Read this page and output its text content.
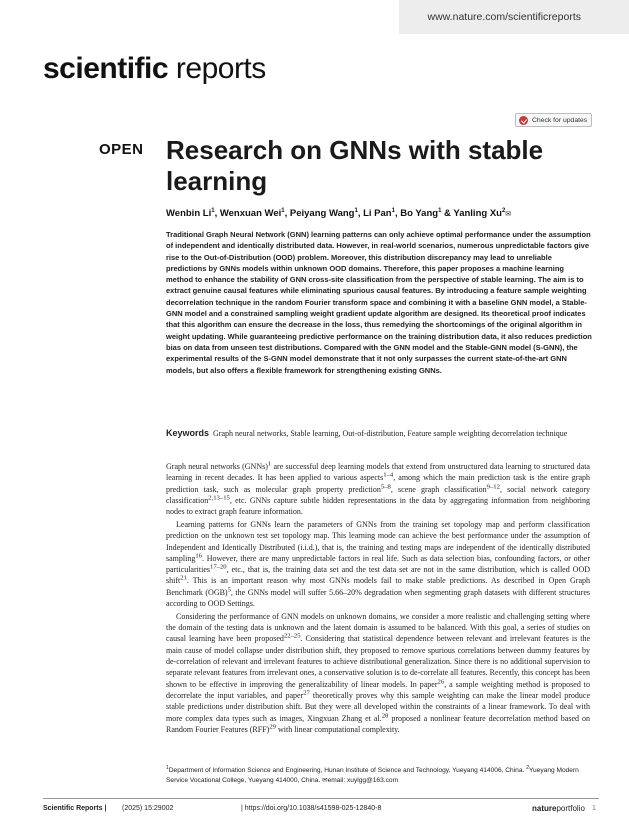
www.nature.com/scientificreports
scientific reports
Check for updates
OPEN Research on GNNs with stable learning
Wenbin Li$^1$, Wenxuan Wei$^1$, Peiyang Wang$^1$, Li Pan$^1$, Bo Yang$^1$ & Yanling Xu$^2$✉

Traditional Graph Neural Network (GNN) learning patterns can only achieve optimal performance under the assumption of independent and identically distributed data. However, in real-world scenarios, numerous unpredictable factors give rise to the Out-of-Distribution (OOD) problem. Moreover, this distribution discrepancy may lead to unreliable predictions by GNNs models within unknown OOD domains. Therefore, this paper proposes a machine learning method to enhance the stability of GNN cross-site classification from the perspective of stable learning. The aim is to extract genuine causal features while eliminating spurious causal features. By introducing a feature sample weighting decorrelation technique in the random Fourier transform space and combining it with a baseline GNN model, a Stable-GNN model and a constrained sampling weight gradient update algorithm are designed. Its theoretical proof indicates that this algorithm can ensure the decrease in the loss, thus remedying the shortcomings of the original algorithm in weight updating. While guaranteeing predictive performance on the training distribution data, it also reduces prediction bias on data from unseen test distributions. Compared with the GNN model and the Stable-GNN model (S-GNN), the experimental results of the S-GNN model demonstrate that it not only surpasses the current state-of-the-art GNN models, but also offers a flexible framework for strengthening existing GNNs.

Keywords Graph neural networks, Stable learning, Out-of-distribution, Feature sample weighting decorrelation technique

Graph neural networks (GNNs)$^1$ are successful deep learning models that extend from unstructured data learning to structured data learning in recent decades. It has been applied to various aspects$^{1-4}$, among which the main prediction task is the entire graph prediction task, such as molecular graph property prediction$^{5-8}$, scene graph classification$^{9-12}$, social network category classification$^{2,13-15}$, etc. GNNs capture subtle hidden representations in the data by aggregating information from neighboring nodes to extract graph feature information.

Learning patterns for GNNs learn the parameters of GNNs from the training set topology map and perform classification prediction on the unknown test set topology map. This learning mode can achieve the best performance under the assumption of Independent and Identically Distributed (i.i.d.), that is, the training and testing maps are independent of the identically distributed sampling$^{16}$. However, there are many unpredictable factors in real life. Such as data selection bias, confounding factors, or other particularities$^{17-20}$, etc., that is, the training data set and the test data set are not in the same distribution, which is called OOD shift$^{21}$. This is an important reason why most GNNs models fail to make stable predictions. As described in Open Graph Benchmark (OGB)$^5$, the GNNs model will suffer 5.66–20% degradation when segmenting graph datasets with different structures according to OOD Settings.

Considering the performance of GNN models on unknown domains, we consider a more realistic and challenging setting where the domain of the testing data is unknown and the latent domain is assumed to be balanced. With this goal, a series of studies on causal learning have been proposed$^{22-25}$. Considering that statistical dependence between relevant and irrelevant features is the main cause of model collapse under distribution shift, they proposed to remove spurious correlations between dummy features by de-correlation of relevant and irrelevant features to achieve distributional generalization. Since there is no additional supervision to separate relevant features from irrelevant ones, a conservative solution is to de-correlate all features. Recently, this concept has been shown to be effective in improving the generalizability of linear models. In paper$^{26}$, a sample weighting method is proposed to decorrelate the input variables, and paper$^{27}$ theoretically proves why this sample weighting can make the linear model produce stable predictions under distribution shift. But they were all developed within the constraints of a linear framework. To deal with more complex data types such as images, Xingxuan Zhang et al.$^{28}$ proposed a nonlinear feature decorrelation method based on Random Fourier Features (RFF)$^{29}$ with linear computational complexity.

$^1$Department of Information Science and Engineering, Hunan Institute of Science and Technology, Yueyang 414006, China. $^2$Yueyang Modern Service Vocational College, Yueyang 414000, China. ✉email: xuylgg@163.com
Scientific Reports | (2025) 15:29002	| https://doi.org/10.1038/s41598-025-12840-8	natureportfolio 1
